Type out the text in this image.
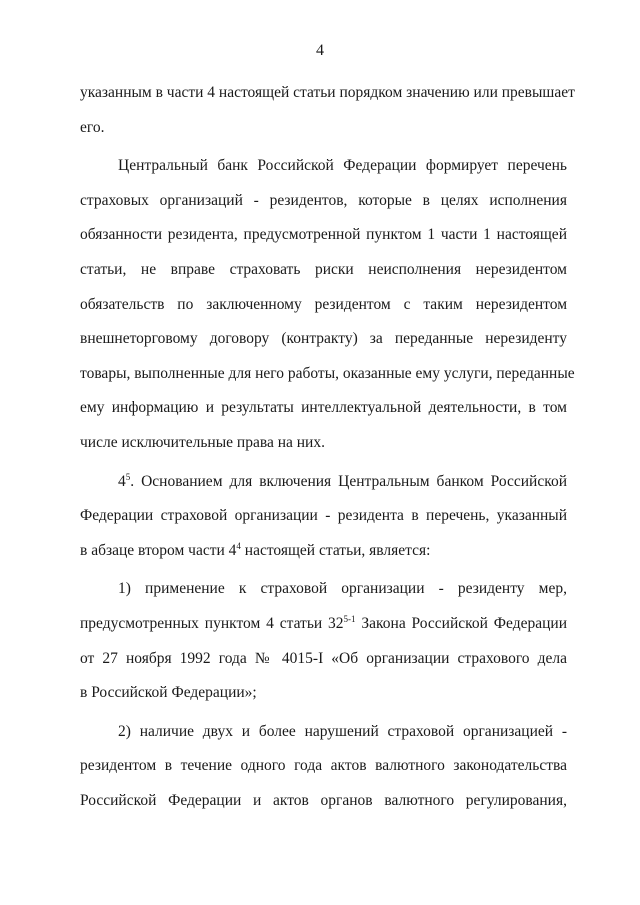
4
указанным в части 4 настоящей статьи порядком значению или превышает
его.
Центральный банк Российской Федерации формирует перечень
страховых организаций - резидентов, которые в целях исполнения
обязанности резидента, предусмотренной пунктом 1 части 1 настоящей
статьи, не вправе страховать риски неисполнения нерезидентом
обязательств по заключенному резидентом с таким нерезидентом
внешнеторговому договору (контракту) за переданные нерезиденту
товары, выполненные для него работы, оказанные ему услуги, переданные
ему информацию и результаты интеллектуальной деятельности, в том
числе исключительные права на них.
$4^5$. Основанием для включения Центральным банком Российской
Федерации страховой организации - резидента в перечень, указанный
в абзаце втором части $4^4$ настоящей статьи, является:
1) применение к страховой организации - резиденту мер,
предусмотренных пунктом 4 статьи 32$^{5-1}$ Закона Российской Федерации
от 27 ноября 1992 года № 4015-I «Об организации страхового дела
в Российской Федерации»;
2) наличие двух и более нарушений страховой организацией -
резидентом в течение одного года актов валютного законодательства
Российской Федерации и актов органов валютного регулирования,
